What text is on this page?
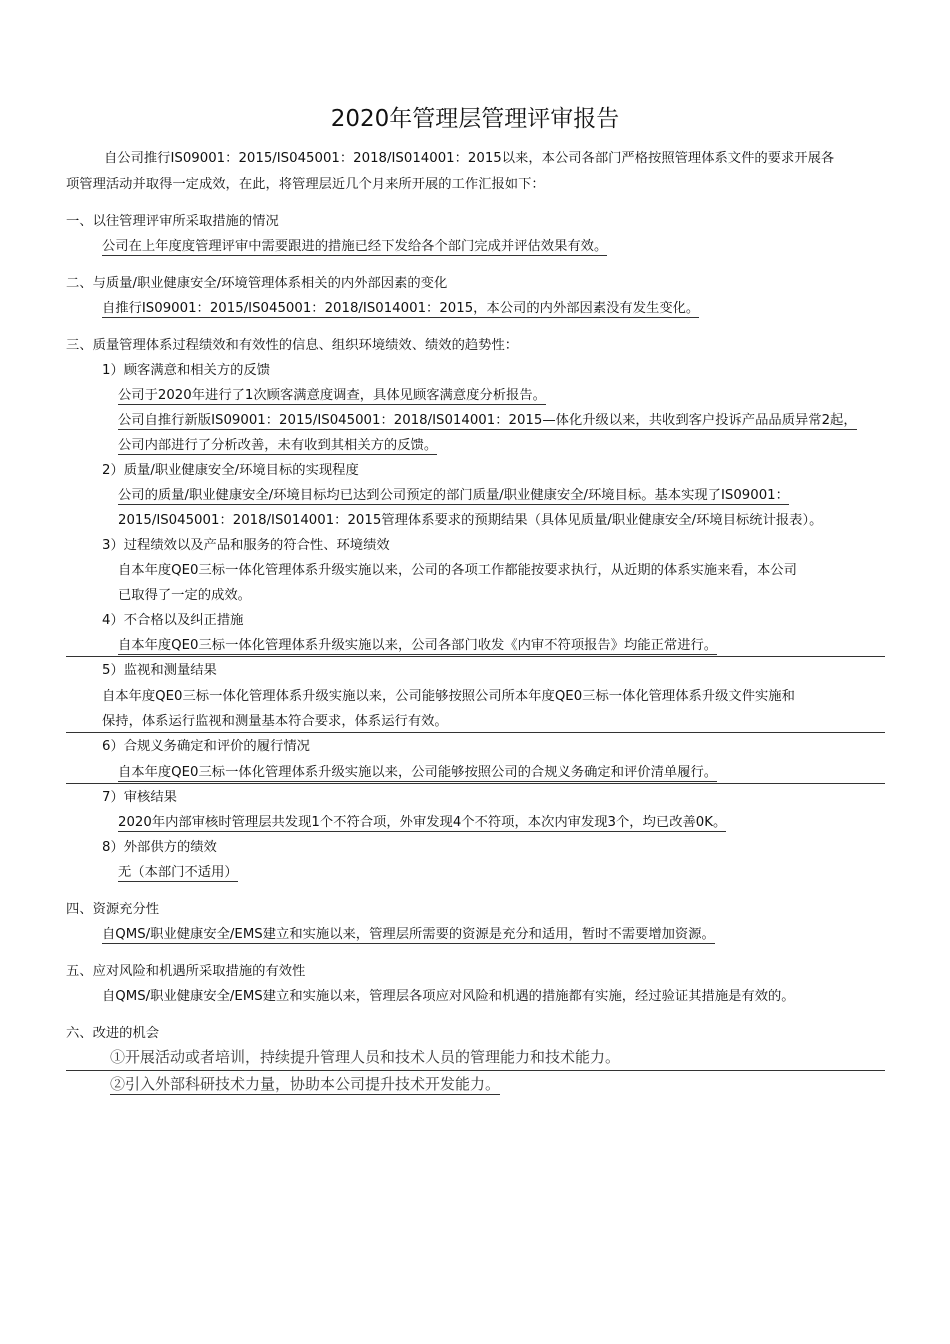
2020年管理层管理评审报告
自公司推行IS09001：2015/IS045001：2018/IS014001：2015以来，本公司各部门严格按照管理体系文件的要求开展各
项管理活动并取得一定成效，在此，将管理层近几个月来所开展的工作汇报如下：
一、以往管理评审所采取措施的情况
公司在上年度度管理评审中需要跟进的措施已经下发给各个部门完成并评估效果有效。
二、与质量/职业健康安全/环境管理体系相关的内外部因素的变化
自推行IS09001：2015/IS045001：2018/IS014001：2015，本公司的内外部因素没有发生变化。
三、质量管理体系过程绩效和有效性的信息、组织环境绩效、绩效的趋势性：
1）顾客满意和相关方的反馈
公司于2020年进行了1次顾客满意度调查，具体见顾客满意度分析报告。
公司自推行新版IS09001：2015/IS045001：2018/IS014001：2015—体化升级以来，共收到客户投诉产品品质异常2起，
公司内部进行了分析改善，未有收到其相关方的反馈。
2）质量/职业健康安全/环境目标的实现程度
公司的质量/职业健康安全/环境目标均已达到公司预定的部门质量/职业健康安全/环境目标。基本实现了IS09001：
2015/IS045001：2018/IS014001：2015管理体系要求的预期结果（具体见质量/职业健康安全/环境目标统计报表）。
3）过程绩效以及产品和服务的符合性、环境绩效
自本年度QE0三标一体化管理体系升级实施以来，公司的各项工作都能按要求执行，从近期的体系实施来看，本公司
已取得了一定的成效。
4）不合格以及纠正措施
自本年度QE0三标一体化管理体系升级实施以来，公司各部门收发《内审不符项报告》均能正常进行。
5）监视和测量结果
自本年度QE0三标一体化管理体系升级实施以来，公司能够按照公司所本年度QE0三标一体化管理体系升级文件实施和
保持，体系运行监视和测量基本符合要求，体系运行有效。
6）合规义务确定和评价的履行情况
自本年度QE0三标一体化管理体系升级实施以来，公司能够按照公司的合规义务确定和评价清单履行。
7）审核结果
2020年内部审核时管理层共发现1个不符合项，外审发现4个不符项，本次内审发现3个，均已改善0K。
8）外部供方的绩效
无（本部门不适用）
四、资源充分性
自QMS/职业健康安全/EMS建立和实施以来，管理层所需要的资源是充分和适用，暂时不需要增加资源。
五、应对风险和机遇所采取措施的有效性
自QMS/职业健康安全/EMS建立和实施以来，管理层各项应对风险和机遇的措施都有实施，经过验证其措施是有效的。
六、改进的机会
①开展活动或者培训，持续提升管理人员和技术人员的管理能力和技术能力。
②引入外部科研技术力量，协助本公司提升技术开发能力。
